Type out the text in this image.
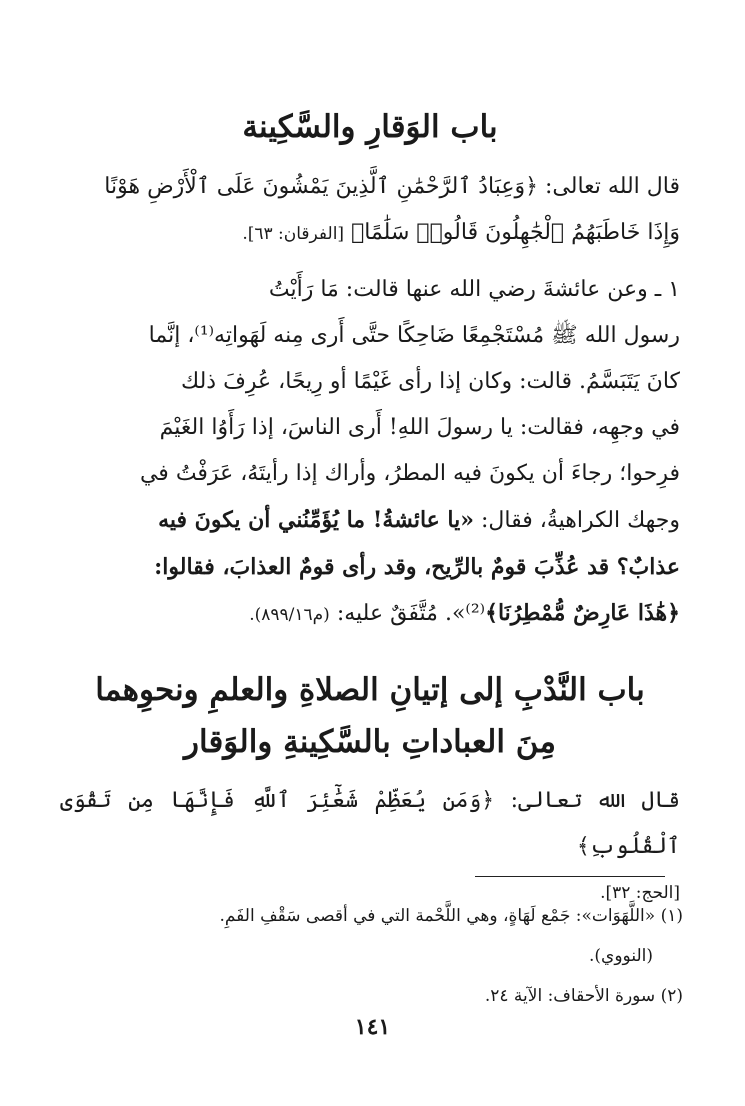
باب الوَقارِ والسَّكِينة

قال الله تعالى: ﴿وَعِبَادُ ٱلرَّحْمَٰنِ ٱلَّذِينَ يَمْشُونَ عَلَى ٱلْأَرْضِ هَوْنًا

وَإِذَا خَاطَبَهُمُ ٱلْجَٰهِلُونَ قَالُوا۟ سَلَٰمًا﴾ [الفرقان: ٦٣].

١ ـ وعن عائشةَ رضي الله عنها قالت: مَا رَأَيْتُ

رسول الله ﷺ مُسْتَجْمِعًا ضَاحِكًا حتَّى أَرى مِنه لَهَواتِه⁽¹⁾، إنَّما

كانَ يَتَبَسَّمُ. قالت: وكان إذا رأى غَيْمًا أو رِيحًا، عُرِفَ ذلك

في وجهِه، فقالت: يا رسولَ اللهِ! أَرى الناسَ، إذا رَأَوُا الغَيْمَ

فرِحوا؛ رجاءَ أن يكونَ فيه المطرُ، وأراك إذا رأيتَهُ، عَرَفْتُ في

وجهك الكراهيةُ، فقال: «يا عائشةُ! ما يُؤَمِّنُني أن يكونَ فيه

عذابٌ؟ قد عُذِّبَ قومٌ بالرِّيح، وقد رأى قومٌ العذابَ، فقالوا:

﴿هَٰذَا عَارِضٌ مُّمْطِرُنَا﴾⁽²⁾». مُتَّفَقٌ عليه: (م٨٩٩/١٦).

باب النَّدْبِ إلى إتيانِ الصلاةِ والعلمِ ونحوِهما
مِنَ العباداتِ بالسَّكِينةِ والوَقار

قال الله تعالى: ﴿وَمَن يُعَظِّمْ شَعَٰٓئِرَ ٱللَّهِ فَإِنَّهَا مِن تَقْوَى ٱلْقُلُوبِ﴾

[الحج: ٣٢].

(١) «اللَّهَوَات»: جَمْع لَهَاةٍ، وهي اللَّحْمة التي في أقصى سَقْفِ الفَمِ.

(النووي).

(٢) سورة الأحقاف: الآية ٢٤.

١٤١
